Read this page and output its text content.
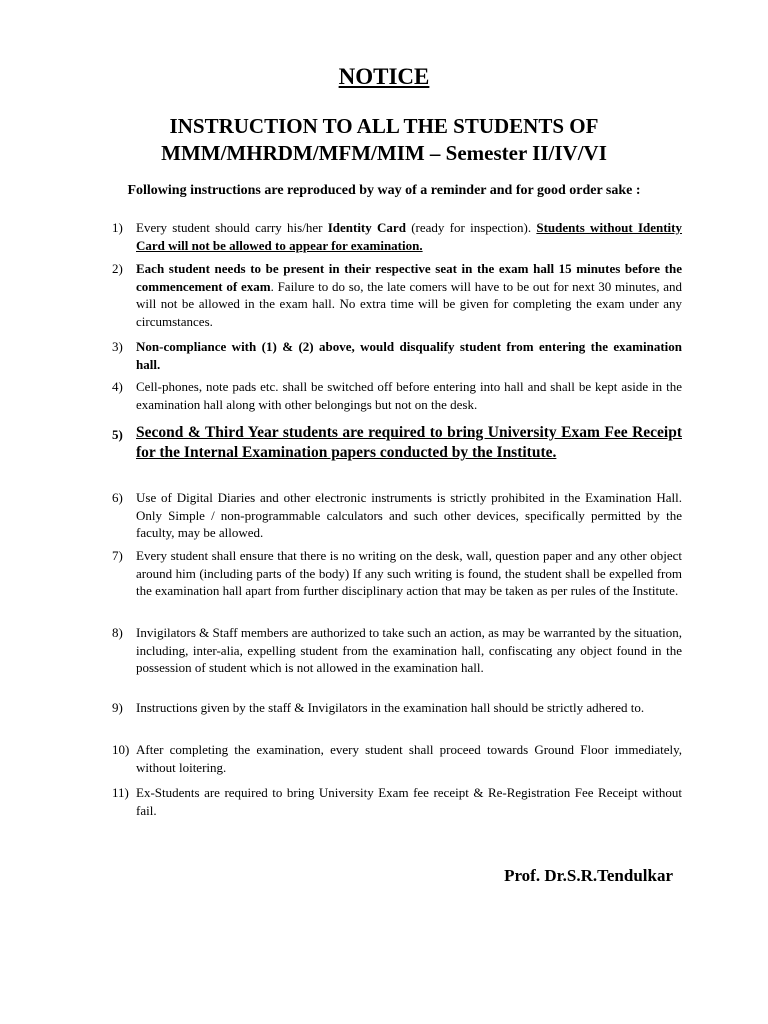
NOTICE
INSTRUCTION TO ALL THE STUDENTS OF
MMM/MHRDM/MFM/MIM – Semester II/IV/VI
Following instructions are reproduced by way of a reminder and for good order sake :
1)	Every student should carry his/her Identity Card (ready for inspection). Students without Identity Card will not be allowed to appear for examination.
2)	Each student needs to be present in their respective seat in the exam hall 15 minutes before the commencement of exam. Failure to do so, the late comers will have to be out for next 30 minutes, and will not be allowed in the exam hall. No extra time will be given for completing the exam under any circumstances.
3)	Non-compliance with (1) & (2) above, would disqualify student from entering the examination hall.
4)	Cell-phones, note pads etc. shall be switched off before entering into hall and shall be kept aside in the examination hall along with other belongings but not on the desk.
5) Second & Third Year students are required to bring University Exam Fee Receipt for the Internal Examination papers conducted by the Institute.
6)	Use of Digital Diaries and other electronic instruments is strictly prohibited in the Examination Hall. Only Simple / non-programmable calculators and such other devices, specifically permitted by the faculty, may be allowed.
7)	Every student shall ensure that there is no writing on the desk, wall, question paper and any other object around him (including parts of the body) If any such writing is found, the student shall be expelled from the examination hall apart from further disciplinary action that may be taken as per rules of the Institute.
8)	Invigilators & Staff members are authorized to take such an action, as may be warranted by the situation, including, inter-alia, expelling student from the examination hall, confiscating any object found in the possession of student which is not allowed in the examination hall.
9)	Instructions given by the staff & Invigilators in the examination hall should be strictly adhered to.
10) After completing the examination, every student shall proceed towards Ground Floor immediately, without loitering.
11) Ex-Students are required to bring University Exam fee receipt & Re-Registration Fee Receipt without fail.
Prof. Dr.S.R.Tendulkar
